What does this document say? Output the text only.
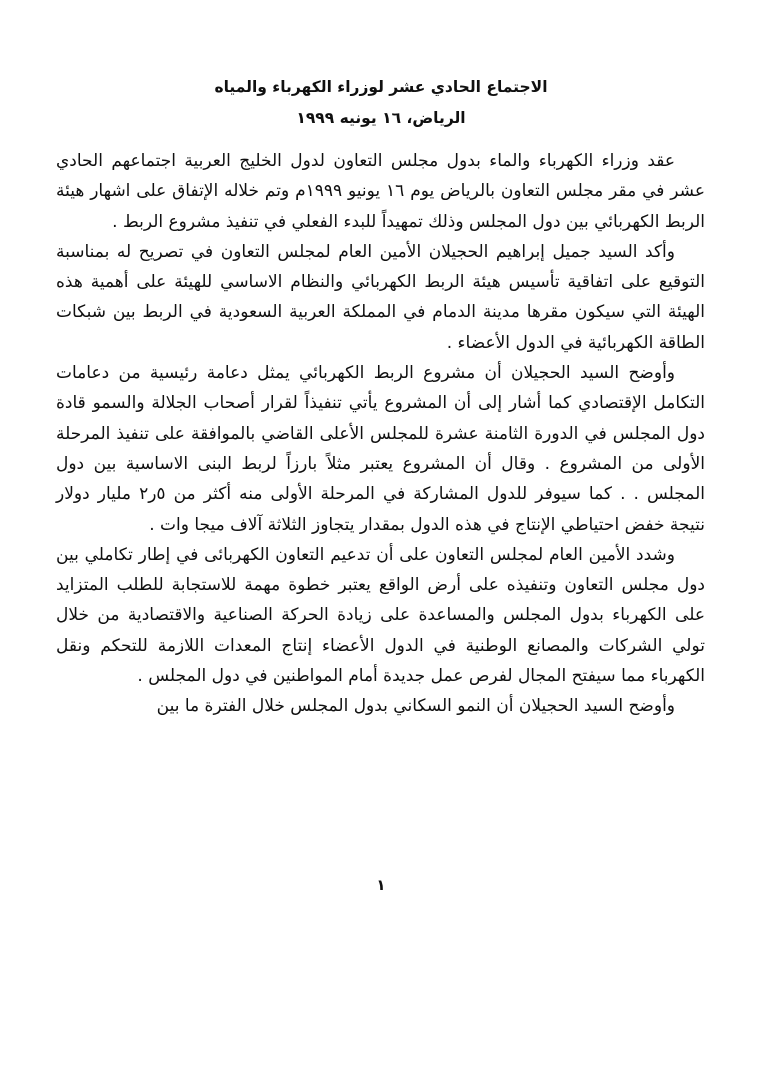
الاجتماع الحادي عشر لوزراء الكهرباء والمياه
الرياض، ١٦ يونيه ١٩٩٩

عقد وزراء الكهرباء والماء بدول مجلس التعاون لدول الخليج العربية اجتماعهم الحادي عشر في مقر مجلس التعاون بالرياض يوم ١٦ يونيو ١٩٩٩م وتم خلاله الإتفاق على اشهار هيئة الربط الكهربائي بين دول المجلس وذلك تمهيداً للبدء الفعلي في تنفيذ مشروع الربط .

وأكد السيد جميل إبراهيم الحجيلان الأمين العام لمجلس التعاون في تصريح له بمناسبة التوقيع على اتفاقية تأسيس هيئة الربط الكهربائي والنظام الاساسي للهيئة على أهمية هذه الهيئة التي سيكون مقرها مدينة الدمام في المملكة العربية السعودية في الربط بين شبكات الطاقة الكهربائية في الدول الأعضاء .

وأوضح السيد الحجيلان أن مشروع الربط الكهربائي يمثل دعامة رئيسية من دعامات التكامل الإقتصادي كما أشار إلى أن المشروع يأتي تنفيذاً لقرار أصحاب الجلالة والسمو قادة دول المجلس في الدورة الثامنة عشرة للمجلس الأعلى القاضي بالموافقة على تنفيذ المرحلة الأولى من المشروع . وقال أن المشروع يعتبر مثلاً بارزاً لربط البنى الاساسية بين دول المجلس . . كما سيوفر للدول المشاركة في المرحلة الأولى منه أكثر من ٥ر٢ مليار دولار نتيجة خفض احتياطي الإنتاج في هذه الدول بمقدار يتجاوز الثلاثة آلاف ميجا وات .

وشدد الأمين العام لمجلس التعاون على أن تدعيم التعاون الكهربائى في إطار تكاملي بين دول مجلس التعاون وتنفيذه على أرض الواقع يعتبر خطوة مهمة للاستجابة للطلب المتزايد على الكهرباء بدول المجلس والمساعدة على زيادة الحركة الصناعية والاقتصادية من خلال تولي الشركات والمصانع الوطنية في الدول الأعضاء إنتاج المعدات اللازمة للتحكم ونقل الكهرباء مما سيفتح المجال لفرص عمل جديدة أمام المواطنين في دول المجلس .

وأوضح السيد الحجيلان أن النمو السكاني بدول المجلس خلال الفترة ما بين

١
